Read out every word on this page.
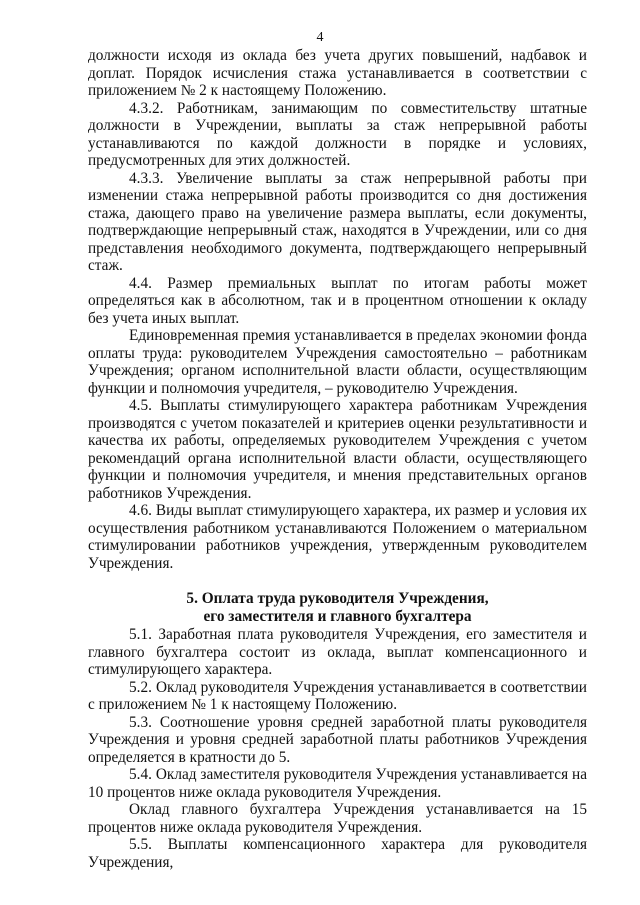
4

должности исходя из оклада без учета других повышений, надбавок и доплат. Порядок исчисления стажа устанавливается в соответствии с приложением № 2 к настоящему Положению.

4.3.2. Работникам, занимающим по совместительству штатные должности в Учреждении, выплаты за стаж непрерывной работы устанавливаются по каждой должности в порядке и условиях, предусмотренных для этих должностей.

4.3.3. Увеличение выплаты за стаж непрерывной работы при изменении стажа непрерывной работы производится со дня достижения стажа, дающего право на увеличение размера выплаты, если документы, подтверждающие непрерывный стаж, находятся в Учреждении, или со дня представления необходимого документа, подтверждающего непрерывный стаж.

4.4. Размер премиальных выплат по итогам работы может определяться как в абсолютном, так и в процентном отношении к окладу без учета иных выплат.

Единовременная премия устанавливается в пределах экономии фонда оплаты труда: руководителем Учреждения самостоятельно – работникам Учреждения; органом исполнительной власти области, осуществляющим функции и полномочия учредителя, – руководителю Учреждения.

4.5. Выплаты стимулирующего характера работникам Учреждения производятся с учетом показателей и критериев оценки результативности и качества их работы, определяемых руководителем Учреждения с учетом рекомендаций органа исполнительной власти области, осуществляющего функции и полномочия учредителя, и мнения представительных органов работников Учреждения.

4.6. Виды выплат стимулирующего характера, их размер и условия их осуществления работником устанавливаются Положением о материальном стимулировании работников учреждения, утвержденным руководителем Учреждения.

5. Оплата труда руководителя Учреждения,
его заместителя и главного бухгалтера

5.1. Заработная плата руководителя Учреждения, его заместителя и главного бухгалтера состоит из оклада, выплат компенсационного и стимулирующего характера.

5.2. Оклад руководителя Учреждения устанавливается в соответствии с приложением № 1 к настоящему Положению.

5.3. Соотношение уровня средней заработной платы руководителя Учреждения и уровня средней заработной платы работников Учреждения определяется в кратности до 5.

5.4. Оклад заместителя руководителя Учреждения устанавливается на 10 процентов ниже оклада руководителя Учреждения.

Оклад главного бухгалтера Учреждения устанавливается на 15 процентов ниже оклада руководителя Учреждения.

5.5. Выплаты компенсационного характера для руководителя Учреждения,
